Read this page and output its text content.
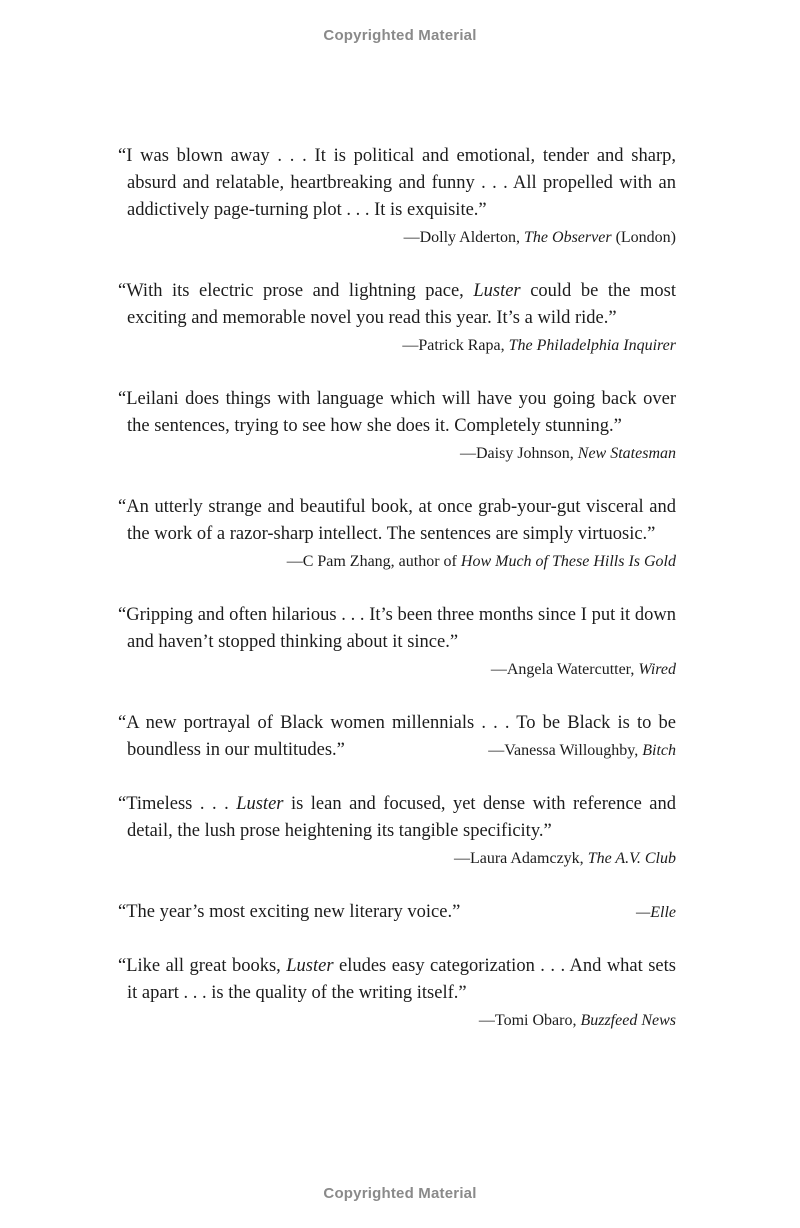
Copyrighted Material
“I was blown away . . . It is political and emotional, tender and sharp, absurd and relatable, heartbreaking and funny . . . All propelled with an addictively page-turning plot . . . It is exquisite.”
—Dolly Alderton, The Observer (London)
“With its electric prose and lightning pace, Luster could be the most exciting and memorable novel you read this year. It’s a wild ride.”
—Patrick Rapa, The Philadelphia Inquirer
“Leilani does things with language which will have you going back over the sentences, trying to see how she does it. Completely stunning.”
—Daisy Johnson, New Statesman
“An utterly strange and beautiful book, at once grab-your-gut visceral and the work of a razor-sharp intellect. The sentences are simply virtuosic.”
—C Pam Zhang, author of How Much of These Hills Is Gold
“Gripping and often hilarious . . . It’s been three months since I put it down and haven’t stopped thinking about it since.”
—Angela Watercutter, Wired
“A new portrayal of Black women millennials . . . To be Black is to be boundless in our multitudes.”	—Vanessa Willoughby, Bitch
“Timeless . . . Luster is lean and focused, yet dense with reference and detail, the lush prose heightening its tangible specificity.”
—Laura Adamczyk, The A.V. Club
“The year’s most exciting new literary voice.”	—Elle
“Like all great books, Luster eludes easy categorization . . . And what sets it apart . . . is the quality of the writing itself.”
—Tomi Obaro, Buzzfeed News
Copyrighted Material
